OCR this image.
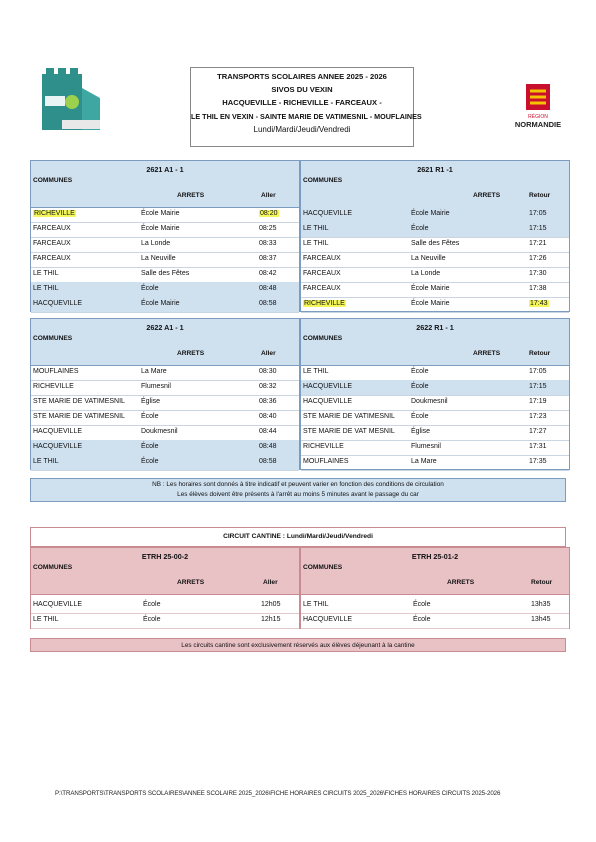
RÉGION
NORMANDIE
TRANSPORTS SCOLAIRES ANNEE 2025 - 2026
SIVOS DU VEXIN
HACQUEVILLE - RICHEVILLE - FARCEAUX -
LE THIL EN VEXIN - SAINTE MARIE DE VATIMESNIL - MOUFLAINES
Lundi/Mardi/Jeudi/Vendredi
2621 A1 - 1
COMMUNES
ARRETS	Aller
RICHEVILLE	École Mairie	08:20
FARCEAUX	École Mairie	08:25
FARCEAUX	La Londe	08:33
FARCEAUX	La Neuville	08:37
LE THIL	Salle des Fêtes	08:42
LE THIL	École	08:48
HACQUEVILLE	École Mairie	08:58
2621 R1 -1
COMMUNES
ARRETS	Retour
HACQUEVILLE	École Mairie	17:05
LE THIL	École	17:15
LE THIL	Salle des Fêtes	17:21
FARCEAUX	La Neuville	17:26
FARCEAUX	La Londe	17:30
FARCEAUX	École Mairie	17:38
RICHEVILLE	École Mairie	17:43
2622 A1 - 1
COMMUNES
ARRETS	Aller
MOUFLAINES	La Mare	08:30
RICHEVILLE	Flumesnil	08:32
STE MARIE DE VATIMESNIL Église	08:36
STE MARIE DE VATIMESNIL École	08:40
HACQUEVILLE	Doukmesnil	08:44
HACQUEVILLE	École	08:48
LE THIL	École	08:58
2622 R1 - 1
COMMUNES
ARRETS	Retour
LE THIL	École	17:05
HACQUEVILLE	École	17:15
HACQUEVILLE	Doukmesnil	17:19
STE MARIE DE VATIMESNIL École	17:23
STE MARIE DE VAT MESNIL Église	17:27
RICHEVILLE	Flumesnil	17:31
MOUFLAINES	La Mare	17:35
NB : Les horaires sont donnés à titre indicatif et peuvent varier en fonction des conditions de circulation
Les élèves doivent être présents à l'arrêt au moins 5 minutes avant le passage du car
CIRCUIT CANTINE : Lundi/Mardi/Jeudi/Vendredi
ETRH 25-00-2
COMMUNES
ARRETS	Aller
HACQUEVILLE	École	12h05
LE THIL	École	12h15
ETRH 25-01-2
COMMUNES
ARRETS	Retour
LE THIL	École	13h35
HACQUEVILLE	École	13h45
Les circuits cantine sont exclusivement réservés aux élèves déjeunant à la cantine
P:\TRANSPORTS\TRANSPORTS SCOLAIRES\ANNEE SCOLAIRE 2025_2026\FICHE HORAIRES CIRCUITS 2025_2026\FICHES HORAIRES CIRCUITS 2025-2026
